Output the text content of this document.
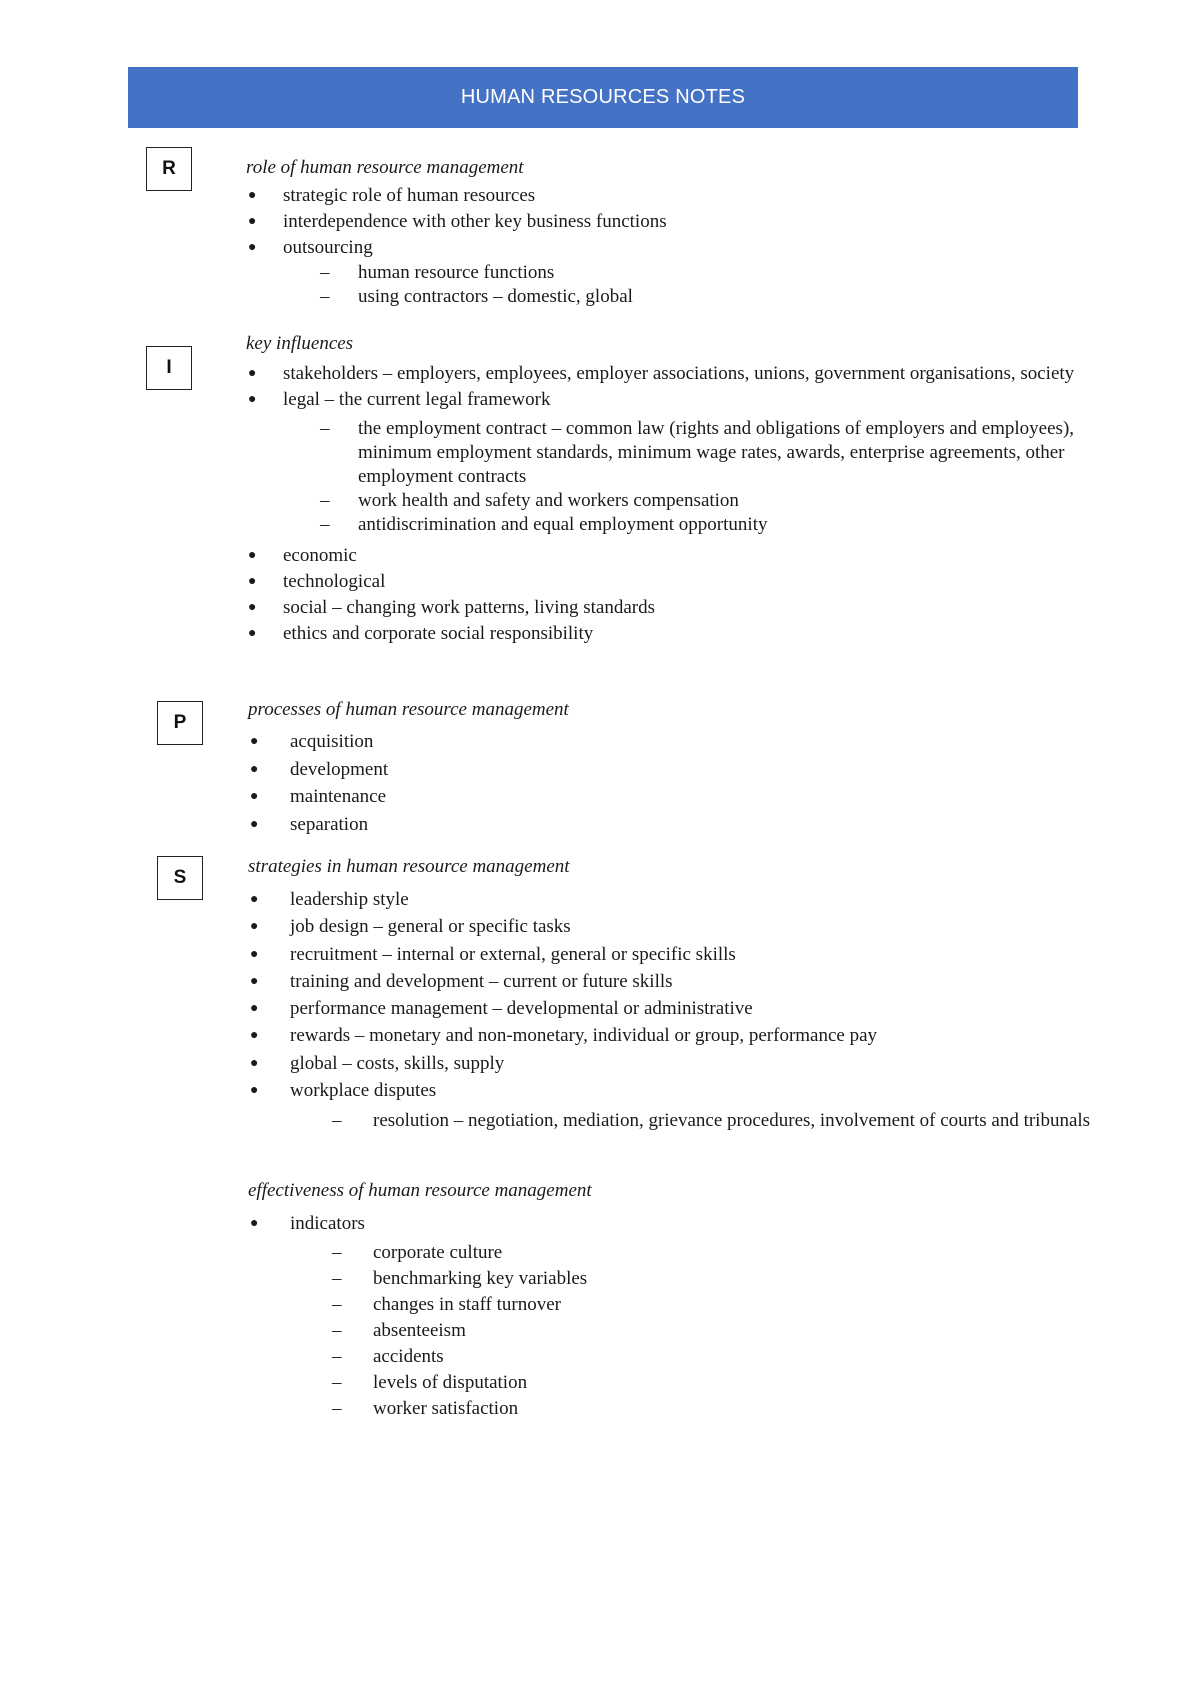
HUMAN RESOURCES NOTES
R
I
P
S
role of human resource management
● strategic role of human resources
● interdependence with other key business functions
● outsourcing
– human resource functions
– using contractors – domestic, global
key influences
● stakeholders – employers, employees, employer associations, unions, government organisations, society
● legal – the current legal framework
– the employment contract – common law (rights and obligations of employers and employees), minimum employment standards, minimum wage rates, awards, enterprise agreements, other employment contracts
– work health and safety and workers compensation
– antidiscrimination and equal employment opportunity
● economic
● technological
● social – changing work patterns, living standards
● ethics and corporate social responsibility
processes of human resource management
● acquisition
● development
● maintenance
● separation
strategies in human resource management
● leadership style
● job design – general or specific tasks
● recruitment – internal or external, general or specific skills
● training and development – current or future skills
● performance management – developmental or administrative
● rewards – monetary and non-monetary, individual or group, performance pay
● global – costs, skills, supply
● workplace disputes
– resolution – negotiation, mediation, grievance procedures, involvement of courts and tribunals
effectiveness of human resource management
● indicators
– corporate culture
– benchmarking key variables
– changes in staff turnover
– absenteeism
– accidents
– levels of disputation
– worker satisfaction
